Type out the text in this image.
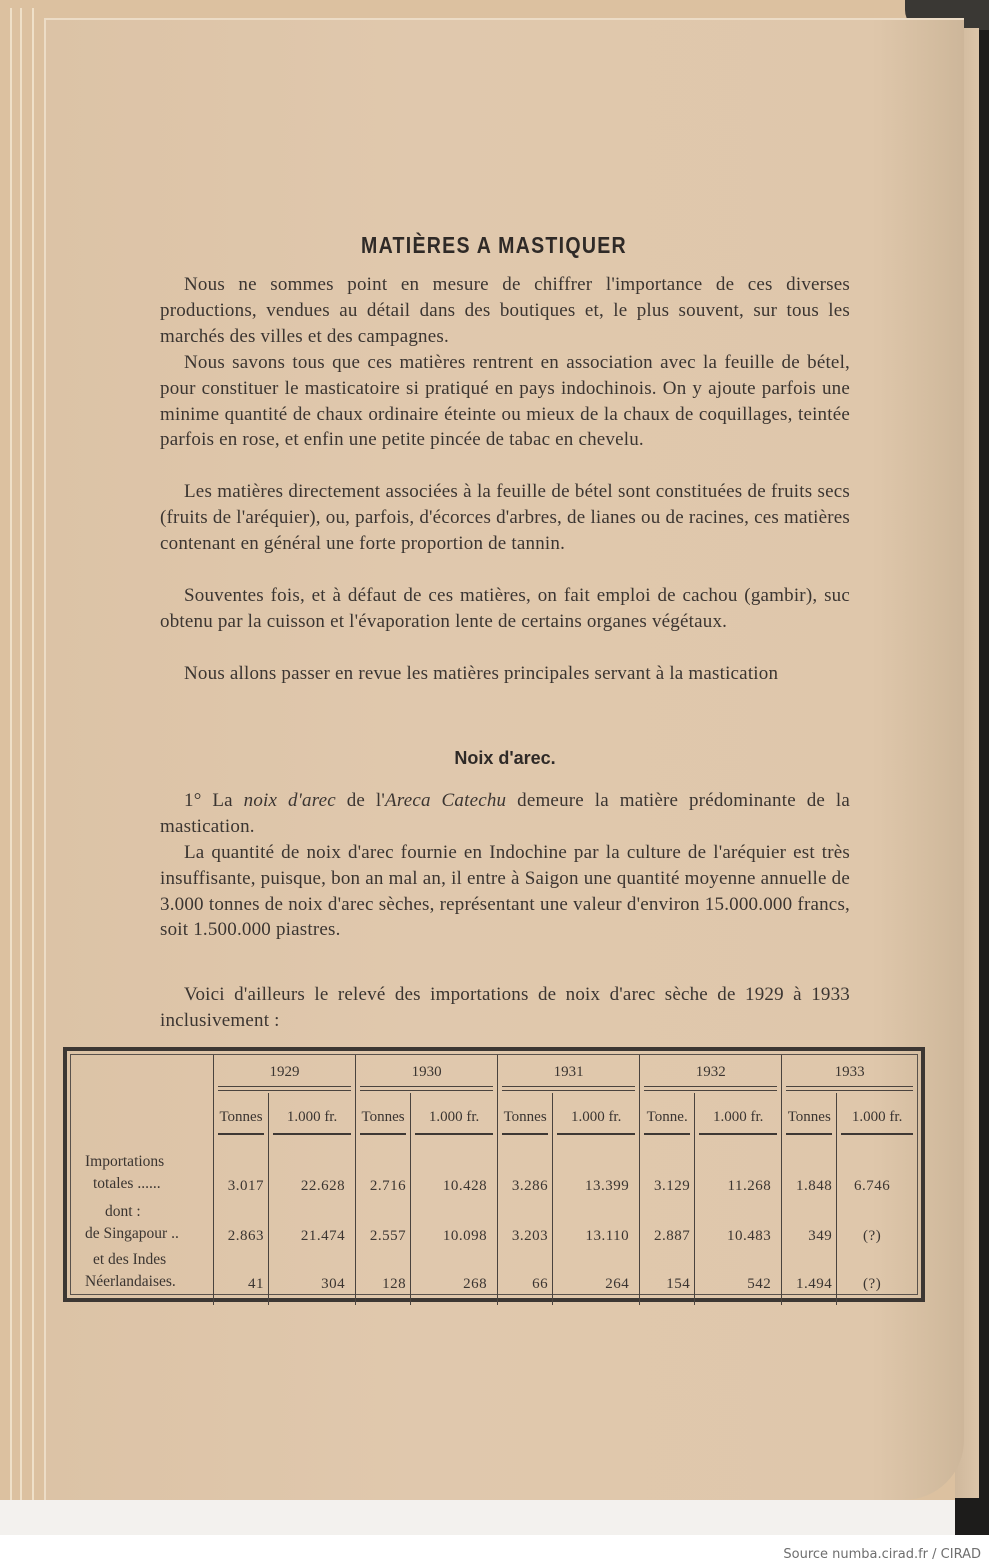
MATIÈRES A MASTIQUER

Nous ne sommes point en mesure de chiffrer l'importance de ces diverses productions, vendues au détail dans des boutiques et, le plus souvent, sur tous les marchés des villes et des campagnes.

Nous savons tous que ces matières rentrent en association avec la feuille de bétel, pour constituer le masticatoire si pratiqué en pays indochinois. On y ajoute parfois une minime quantité de chaux ordinaire éteinte ou mieux de la chaux de coquillages, teintée parfois en rose, et enfin une petite pincée de tabac en chevelu.

Les matières directement associées à la feuille de bétel sont constituées de fruits secs (fruits de l'aréquier), ou, parfois, d'écorces d'arbres, de lianes ou de racines, ces matières contenant en général une forte proportion de tannin.

Souventes fois, et à défaut de ces matières, on fait emploi de cachou (gambir), suc obtenu par la cuisson et l'évaporation lente de certains organes végétaux.

Nous allons passer en revue les matières principales servant à la mastication

Noix d'arec.

1° La noix d'arec de l'Areca Catechu demeure la matière prédominante de la mastication.

La quantité de noix d'arec fournie en Indochine par la culture de l'aréquier est très insuffisante, puisque, bon an mal an, il entre à Saigon une quantité moyenne annuelle de 3.000 tonnes de noix d'arec sèches, représentant une valeur d'environ 15.000.000 francs, soit 1.500.000 piastres.

Voici d'ailleurs le relevé des importations de noix d'arec sèche de 1929 à 1933 inclusivement :

	1929		1930		1931		1932		1933	
	Tonnes	1.000 fr.	Tonnes	1.000 fr.	Tonnes	1.000 fr.	Tonne.	1.000 fr.	Tonnes	1.000 fr.

Importations
totales ......	3.017	22.628	2.716	10.428	3.286	13.399	3.129	11.268	1.848	6.746

dont :
de Singapour ..	2.863	21.474	2.557	10.098	3.203	13.110	2.887	10.483	349	(?)

et des Indes
Néerlandaises.	41	304	128	268	66	264	154	542	1.494	(?)

Source numba.cirad.fr / CIRAD
